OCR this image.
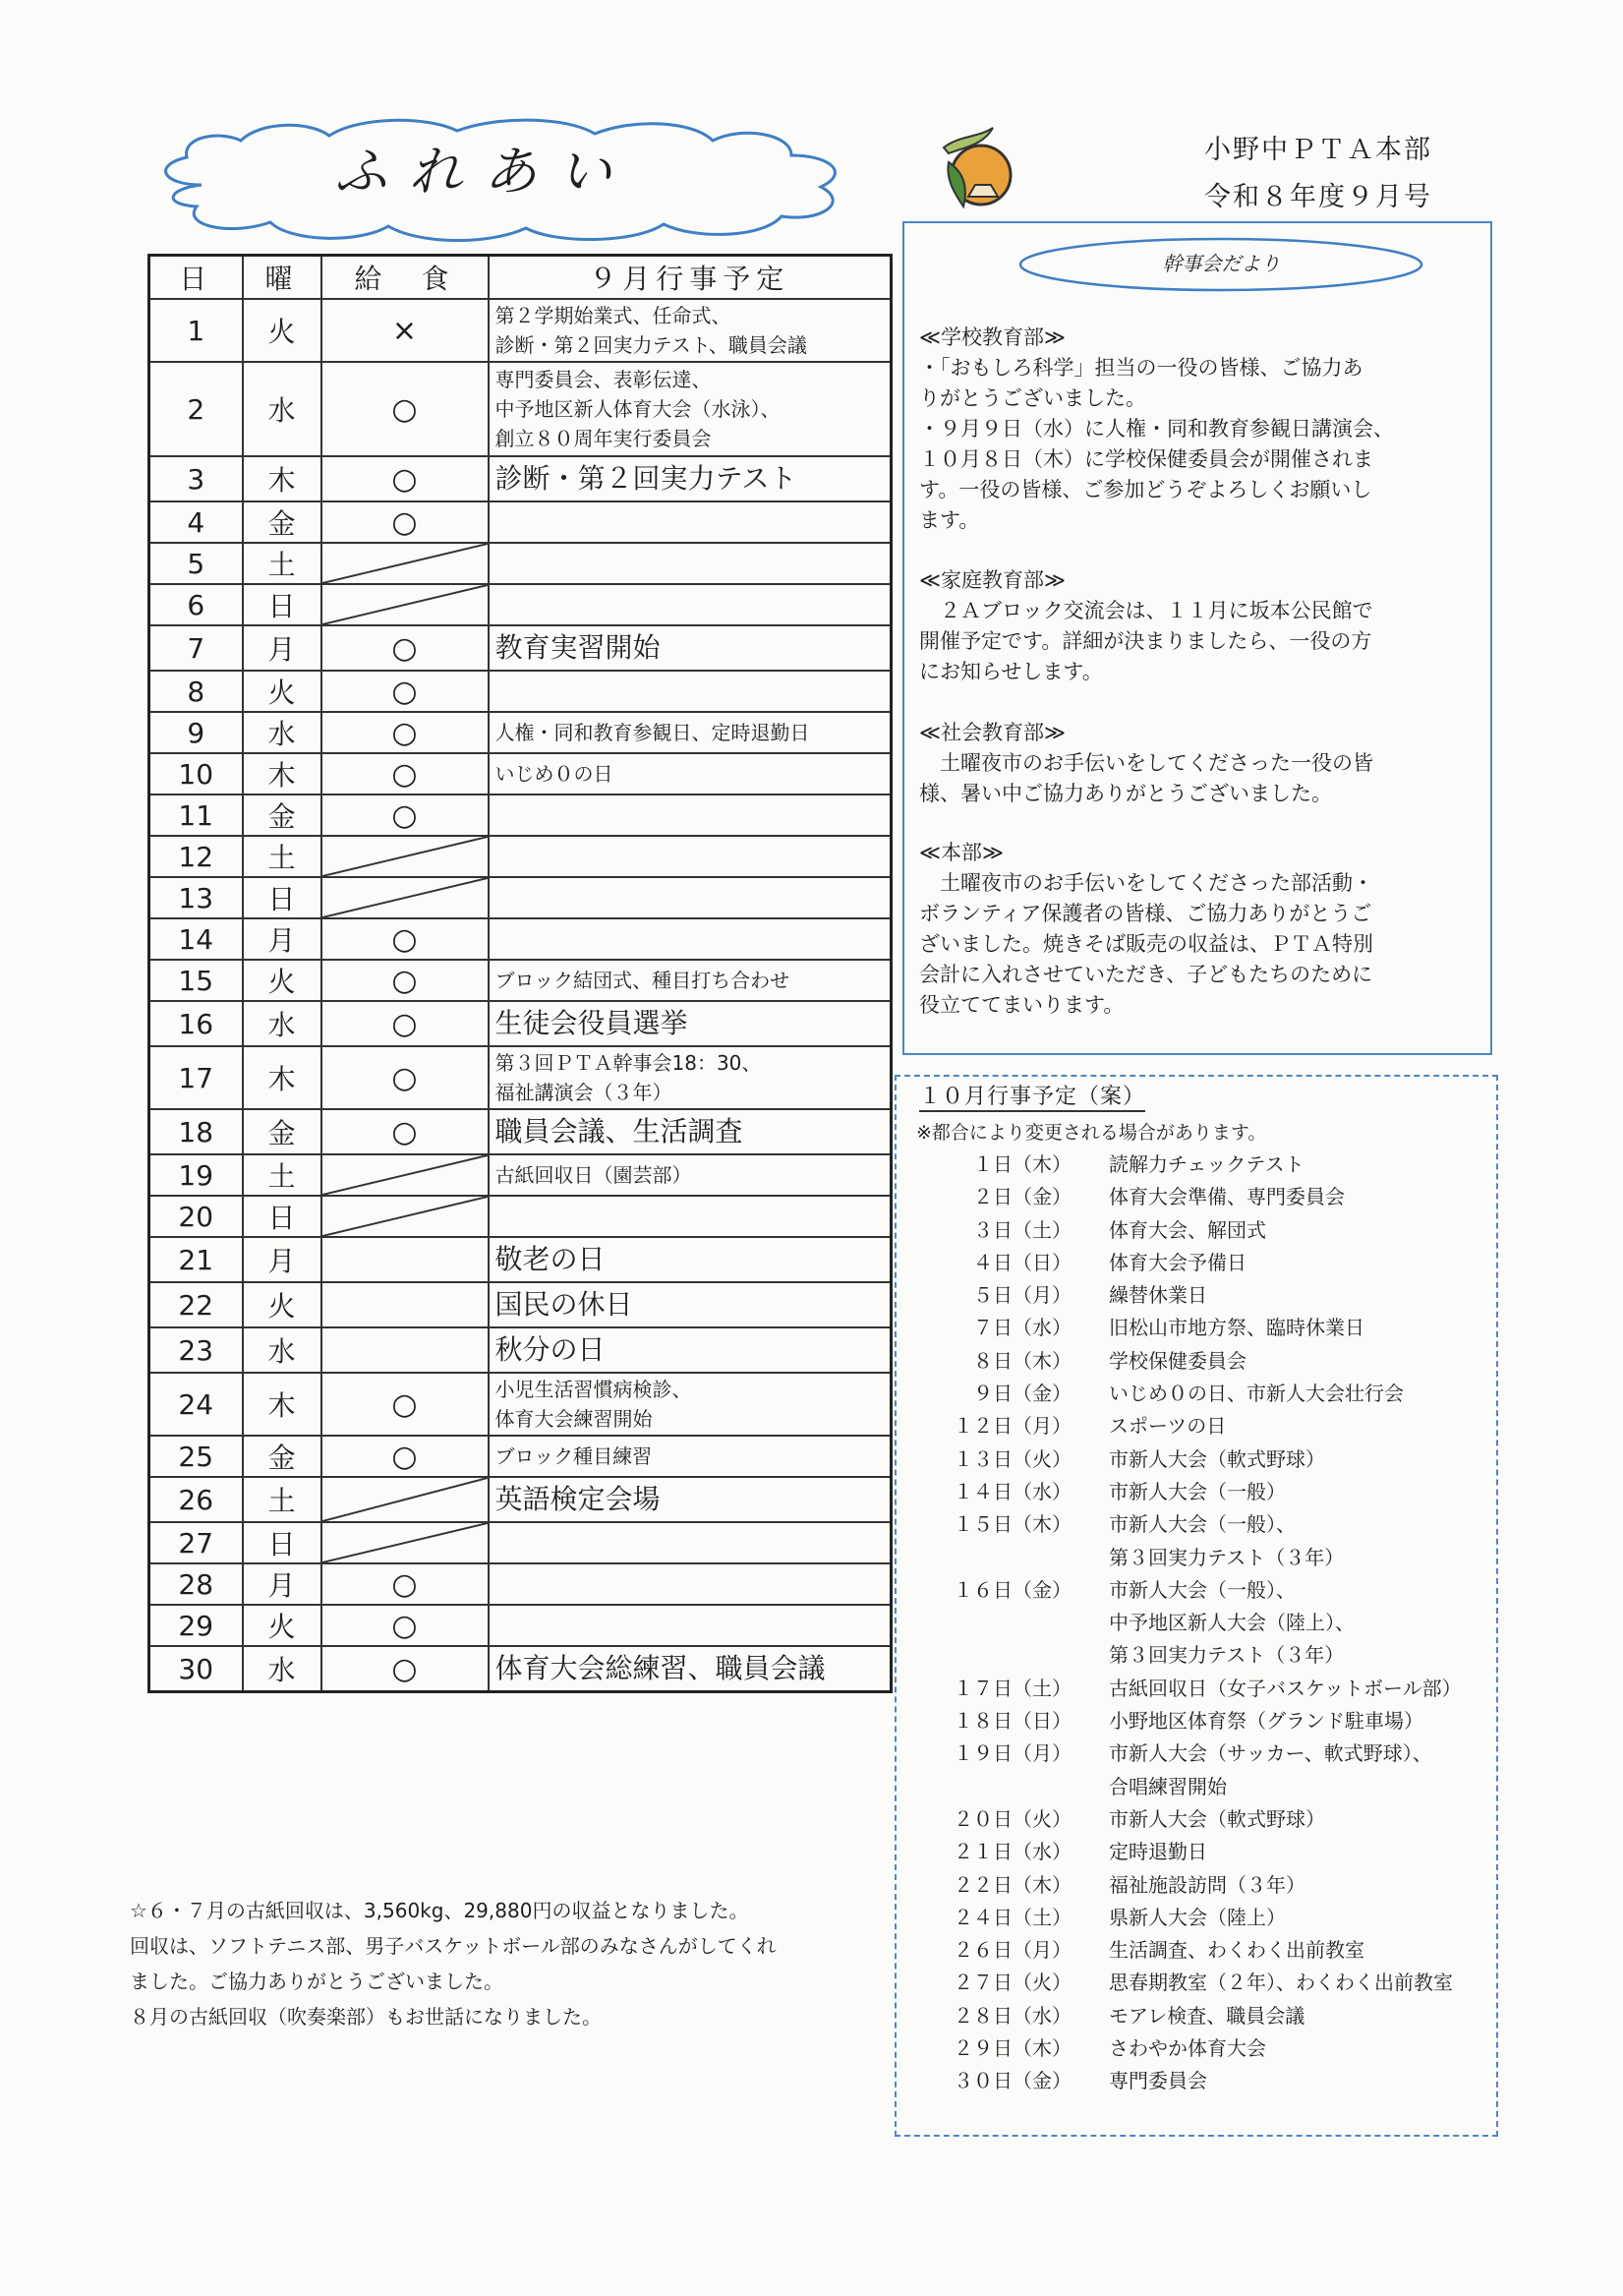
ふれあい	小野中ＰＴＡ本部
令和８年度９月号
日	曜	給　食	９月行事予定
1	火	×	第２学期始業式、任命式、
診断・第２回実力テスト、職員会議

2	水	○	専門委員会、表彰伝達、
中予地区新人体育大会（水泳）、
創立８０周年実行委員会

3	木	○	診断・第２回実力テスト

4	金	○	
5	土	

6	日	

7	月	○	教育実習開始

8	火	○	
9	水	○	人権・同和教育参観日、定時退勤日

10	木	○	いじめ０の日

11	金	○	
12	土	

13	日	

14	月	○	
15	火	○	ブロック結団式、種目打ち合わせ

16	水	○	生徒会役員選挙

17	木	○	第３回ＰＴＡ幹事会18：30、
福祉講演会（３年）

18	金	○	職員会議、生活調査

19	土		古紙回収日（園芸部）

20	日	

21	月		敬老の日

22	火		国民の休日

23	水		秋分の日

24	木	○	小児生活習慣病検診、
体育大会練習開始

25	金	○	ブロック種目練習

26	土		英語検定会場

27	日	

28	月	○	
29	火	○	
30	水	○	体育大会総練習、職員会議
☆６・７月の古紙回収は、3,560kg、29,880円の収益となりました。
回収は、ソフトテニス部、男子バスケットボール部のみなさんがしてくれ
ました。ご協力ありがとうございました。
８月の古紙回収（吹奏楽部）もお世話になりました。
幹事会だより
≪学校教育部≫
・「おもしろ科学」担当の一役の皆様、ご協力あ
りがとうございました。
・９月９日（水）に人権・同和教育参観日講演会、
１０月８日（木）に学校保健委員会が開催されま
す。一役の皆様、ご参加どうぞよろしくお願いし
ます。
≪家庭教育部≫
　２Ａブロック交流会は、１１月に坂本公民館で
開催予定です。詳細が決まりましたら、一役の方
にお知らせします。
≪社会教育部≫
　土曜夜市のお手伝いをしてくださった一役の皆
様、暑い中ご協力ありがとうございました。
≪本部≫
　土曜夜市のお手伝いをしてくださった部活動・
ボランティア保護者の皆様、ご協力ありがとうご
ざいました。焼きそば販売の収益は、ＰＴＡ特別
会計に入れさせていただき、子どもたちのために
役立ててまいります。
１０月行事予定（案）
※都合により変更される場合があります。
１日（木）	読解力チェックテスト
２日（金）	体育大会準備、専門委員会
３日（土）	体育大会、解団式
４日（日）	体育大会予備日
５日（月）	繰替休業日
７日（水）	旧松山市地方祭、臨時休業日
８日（木）	学校保健委員会
９日（金）	いじめ０の日、市新人大会壮行会
１２日（月）	スポーツの日
１３日（火）	市新人大会（軟式野球）
１４日（水）	市新人大会（一般）
１５日（木）	市新人大会（一般）、
第３回実力テスト（３年）
１６日（金）	市新人大会（一般）、
中予地区新人大会（陸上）、
第３回実力テスト（３年）
１７日（土）	古紙回収日（女子バスケットボール部）
１８日（日）	小野地区体育祭（グランド駐車場）
１９日（月）	市新人大会（サッカー、軟式野球）、
合唱練習開始
２０日（火）	市新人大会（軟式野球）
２１日（水）	定時退勤日
２２日（木）	福祉施設訪問（３年）
２４日（土）	県新人大会（陸上）
２６日（月）	生活調査、わくわく出前教室
２７日（火）	思春期教室（２年）、わくわく出前教室
２８日（水）	モアレ検査、職員会議
２９日（木）	さわやか体育大会
３０日（金）	専門委員会
